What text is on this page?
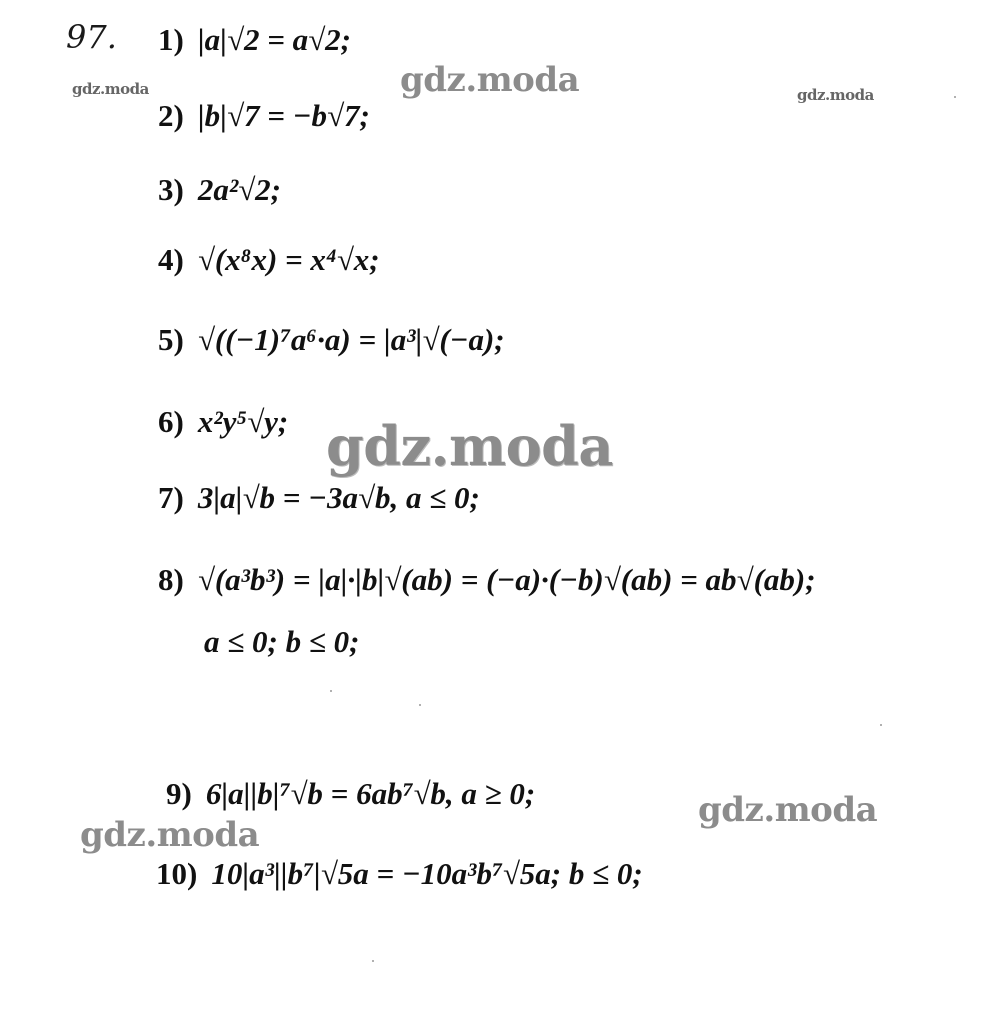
97.
gdz.moda	gdz.moda	gdz.moda
gdz.moda
gdz.moda
gdz.moda
1) |a|√2 = a√2;
2) |b|√7 = −b√7;
3) 2a²√2;
4) √(x⁸x) = x⁴√x;
5) √((−1)⁷a⁶·a) = |a³|√(−a);
6) x²y⁵√y;
7) 3|a|√b = −3a√b, a ≤ 0;
8) √(a³b³) = |a|·|b|√(ab) = (−a)·(−b)√(ab) = ab√(ab);
a ≤ 0; b ≤ 0;
9) 6|a||b|⁷√b = 6ab⁷√b, a ≥ 0;
10) 10|a³||b⁷|√5a = −10a³b⁷√5a; b ≤ 0;
